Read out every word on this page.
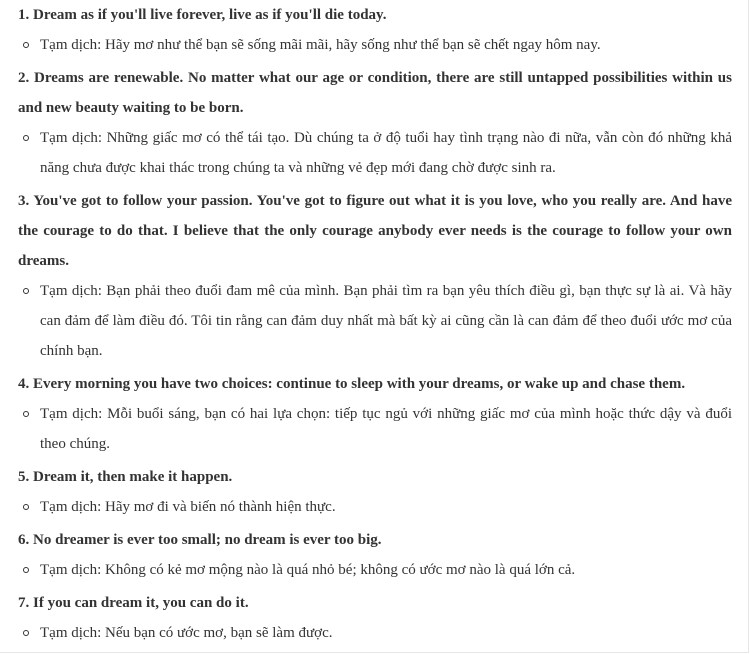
1. Dream as if you'll live forever, live as if you'll die today.

Tạm dịch: Hãy mơ như thể bạn sẽ sống mãi mãi, hãy sống như thể bạn sẽ chết ngay hôm nay.

2. Dreams are renewable. No matter what our age or condition, there are still untapped possibilities within us and new beauty waiting to be born.

Tạm dịch: Những giấc mơ có thể tái tạo. Dù chúng ta ở độ tuổi hay tình trạng nào đi nữa, vẫn còn đó những khả năng chưa được khai thác trong chúng ta và những vẻ đẹp mới đang chờ được sinh ra.

3. You've got to follow your passion. You've got to figure out what it is you love, who you really are. And have the courage to do that. I believe that the only courage anybody ever needs is the courage to follow your own dreams.

Tạm dịch: Bạn phải theo đuổi đam mê của mình. Bạn phải tìm ra bạn yêu thích điều gì, bạn thực sự là ai. Và hãy can đảm để làm điều đó. Tôi tin rằng can đảm duy nhất mà bất kỳ ai cũng cần là can đảm để theo đuổi ước mơ của chính bạn.

4. Every morning you have two choices: continue to sleep with your dreams, or wake up and chase them.

Tạm dịch: Mỗi buổi sáng, bạn có hai lựa chọn: tiếp tục ngủ với những giấc mơ của mình hoặc thức dậy và đuổi theo chúng.

5. Dream it, then make it happen.

Tạm dịch: Hãy mơ đi và biến nó thành hiện thực.

6. No dreamer is ever too small; no dream is ever too big.

Tạm dịch: Không có kẻ mơ mộng nào là quá nhỏ bé; không có ước mơ nào là quá lớn cả.

7. If you can dream it, you can do it.

Tạm dịch: Nếu bạn có ước mơ, bạn sẽ làm được.
